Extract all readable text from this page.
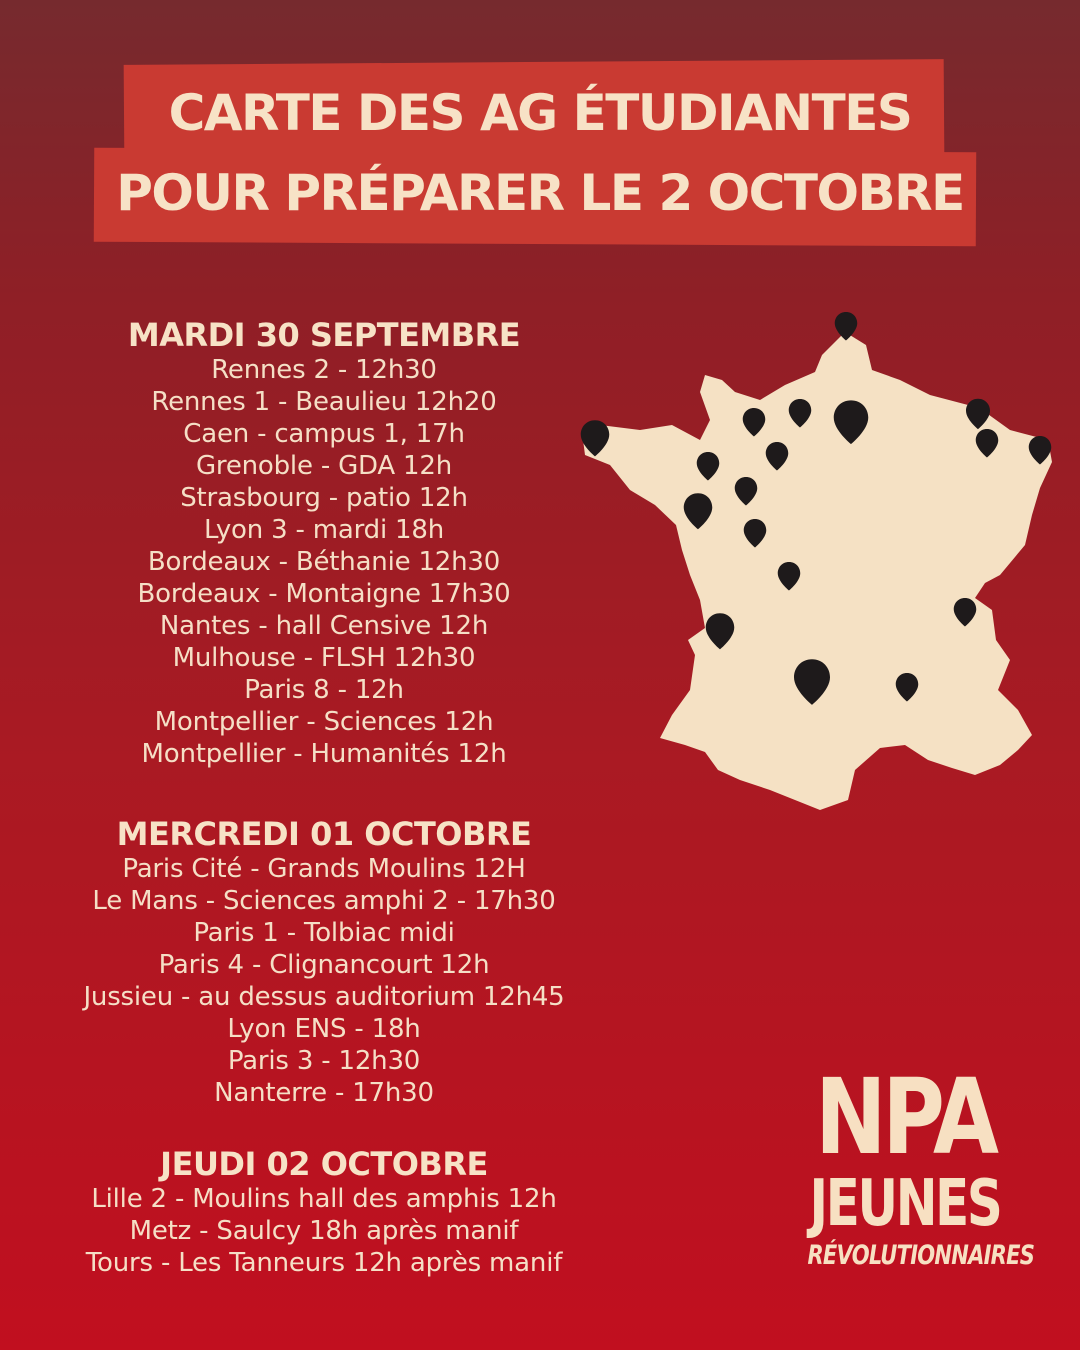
CARTE DES AG ÉTUDIANTES
POUR PRÉPARER LE 2 OCTOBRE
MARDI 30 SEPTEMBRE
Rennes 2 - 12h30
Rennes 1 - Beaulieu 12h20
Caen - campus 1, 17h
Grenoble - GDA 12h
Strasbourg - patio 12h
Lyon 3 - mardi 18h
Bordeaux - Béthanie 12h30
Bordeaux - Montaigne 17h30
Nantes - hall Censive 12h
Mulhouse - FLSH 12h30
Paris 8 - 12h
Montpellier - Sciences 12h
Montpellier - Humanités 12h
MERCREDI 01 OCTOBRE
Paris Cité - Grands Moulins 12H
Le Mans - Sciences amphi 2 - 17h30
Paris 1 - Tolbiac midi
Paris 4 - Clignancourt 12h
Jussieu - au dessus auditorium 12h45
Lyon ENS - 18h
Paris 3 - 12h30
Nanterre - 17h30
JEUDI 02 OCTOBRE
Lille 2 - Moulins hall des amphis 12h
Metz - Saulcy 18h après manif
Tours - Les Tanneurs 12h après manif
NPA
JEUNES
RÉVOLUTIONNAIRES
